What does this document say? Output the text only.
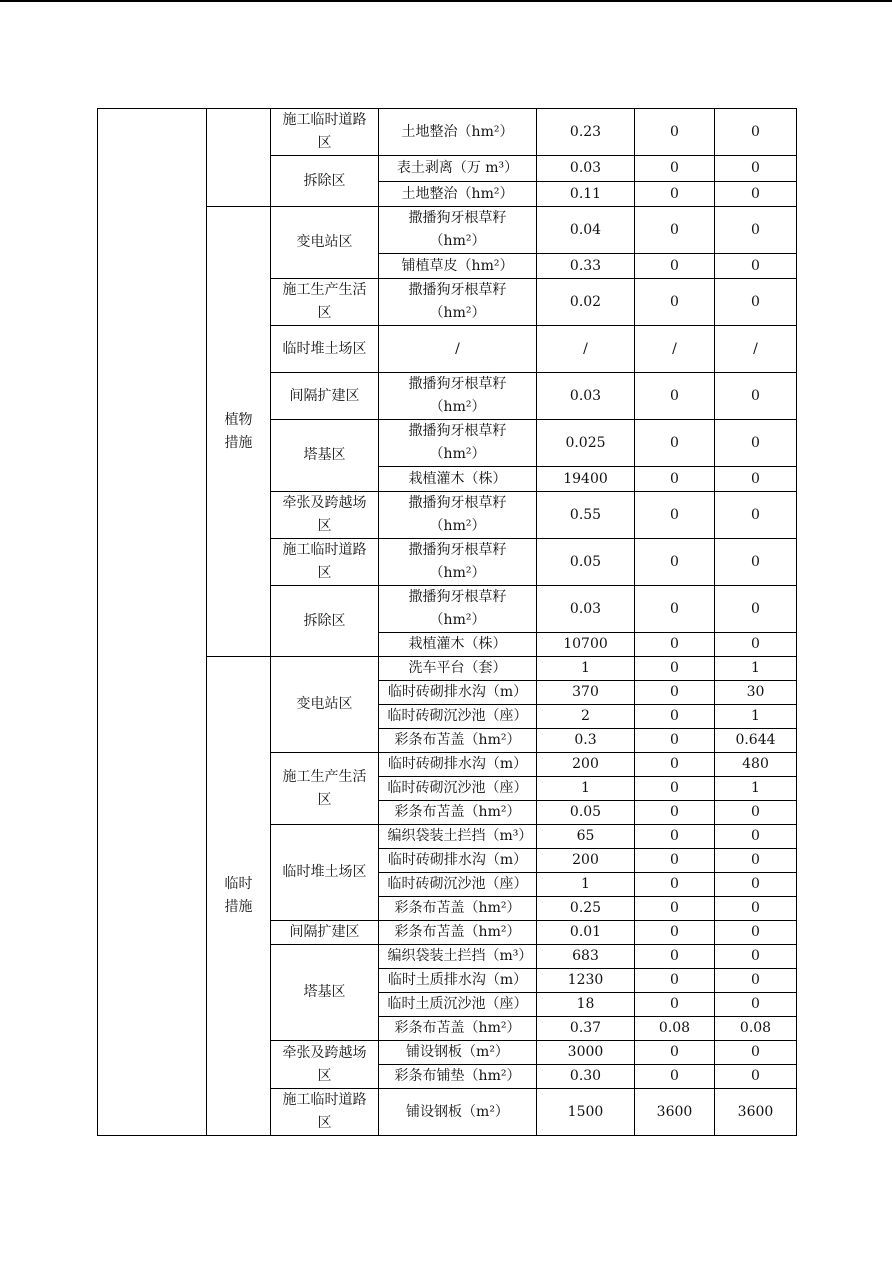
		施工临时道路区	土地整治（hm²）	0.23	0	0
		拆除区	表土剥离（万 m³）	0.03	0	0
			土地整治（hm²）	0.11	0	0
	植物措施	变电站区	撒播狗牙根草籽（hm²）	0.04	0	0
			铺植草皮（hm²）	0.33	0	0
		施工生产生活区	撒播狗牙根草籽（hm²）	0.02	0	0
		临时堆土场区	/	/	/	/
		间隔扩建区	撒播狗牙根草籽（hm²）	0.03	0	0
		塔基区	撒播狗牙根草籽（hm²）	0.025	0	0
			栽植灌木（株）	19400	0	0
		牵张及跨越场区	撒播狗牙根草籽（hm²）	0.55	0	0
		施工临时道路区	撒播狗牙根草籽（hm²）	0.05	0	0
		拆除区	撒播狗牙根草籽（hm²）	0.03	0	0
			栽植灌木（株）	10700	0	0
	临时措施	变电站区	洗车平台（套）	1	0	1
			临时砖砌排水沟（m）	370	0	30
			临时砖砌沉沙池（座）	2	0	1
			彩条布苫盖（hm²）	0.3	0	0.644
		施工生产生活区	临时砖砌排水沟（m）	200	0	480
			临时砖砌沉沙池（座）	1	0	1
			彩条布苫盖（hm²）	0.05	0	0
		临时堆土场区	编织袋装土拦挡（m³）	65	0	0
			临时砖砌排水沟（m）	200	0	0
			临时砖砌沉沙池（座）	1	0	0
			彩条布苫盖（hm²）	0.25	0	0
		间隔扩建区	彩条布苫盖（hm²）	0.01	0	0
		塔基区	编织袋装土拦挡（m³）	683	0	0
			临时土质排水沟（m）	1230	0	0
			临时土质沉沙池（座）	18	0	0
			彩条布苫盖（hm²）	0.37	0.08	0.08
		牵张及跨越场区	铺设钢板（m²）	3000	0	0
			彩条布铺垫（hm²）	0.30	0	0
		施工临时道路区	铺设钢板（m²）	1500	3600	3600
